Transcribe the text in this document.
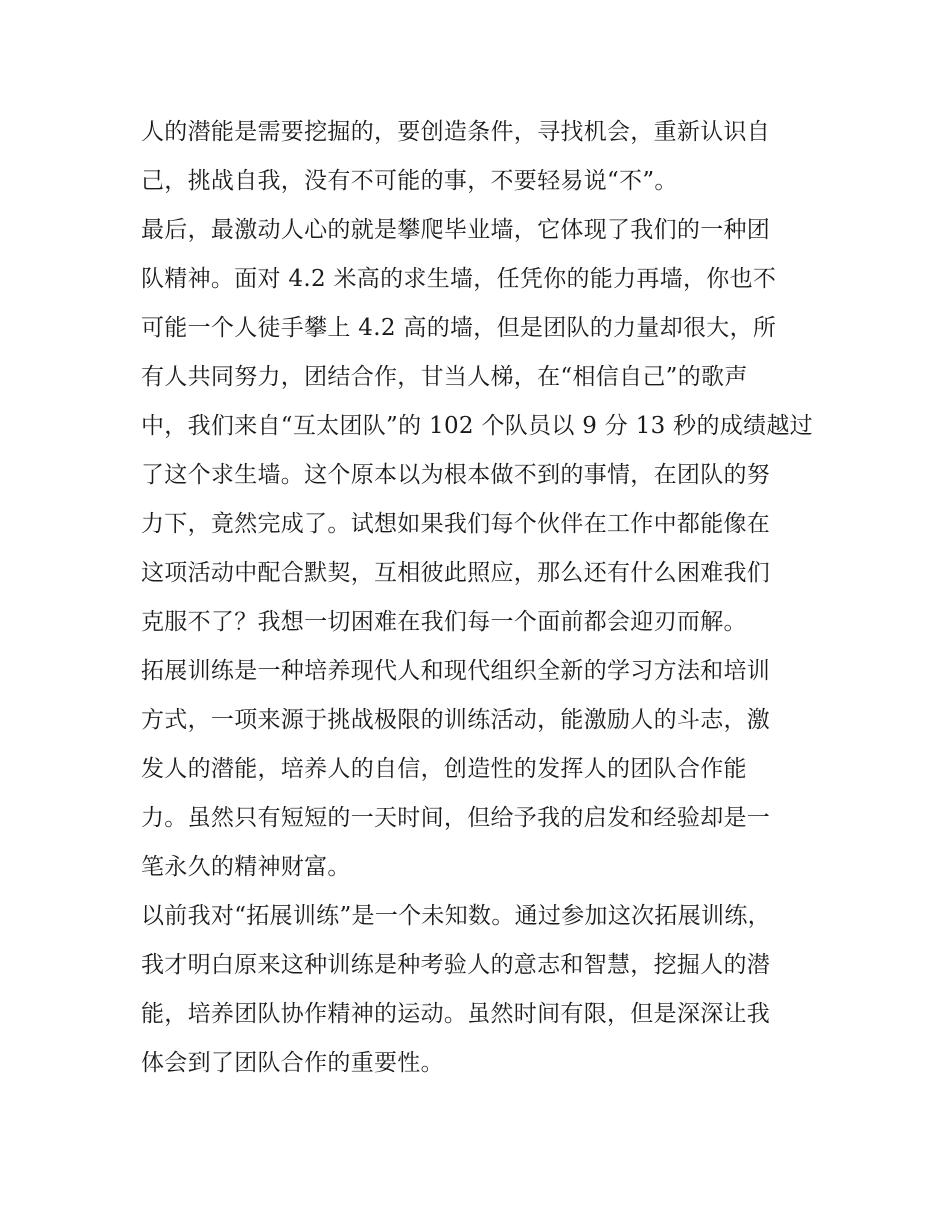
人的潜能是需要挖掘的，要创造条件，寻找机会，重新认识自
己，挑战自我，没有不可能的事，不要轻易说“不”。
最后，最激动人心的就是攀爬毕业墙，它体现了我们的一种团
队精神。面对 4.2 米高的求生墙，任凭你的能力再墙，你也不
可能一个人徒手攀上 4.2 高的墙，但是团队的力量却很大，所
有人共同努力，团结合作，甘当人梯，在“相信自己”的歌声
中，我们来自“互太团队”的 102 个队员以 9 分 13 秒的成绩越过
了这个求生墙。这个原本以为根本做不到的事情，在团队的努
力下，竟然完成了。试想如果我们每个伙伴在工作中都能像在
这项活动中配合默契，互相彼此照应，那么还有什么困难我们
克服不了？我想一切困难在我们每一个面前都会迎刃而解。
拓展训练是一种培养现代人和现代组织全新的学习方法和培训
方式，一项来源于挑战极限的训练活动，能激励人的斗志，激
发人的潜能，培养人的自信，创造性的发挥人的团队合作能
力。虽然只有短短的一天时间，但给予我的启发和经验却是一
笔永久的精神财富。
以前我对“拓展训练”是一个未知数。通过参加这次拓展训练，
我才明白原来这种训练是种考验人的意志和智慧，挖掘人的潜
能，培养团队协作精神的运动。虽然时间有限，但是深深让我
体会到了团队合作的重要性。
